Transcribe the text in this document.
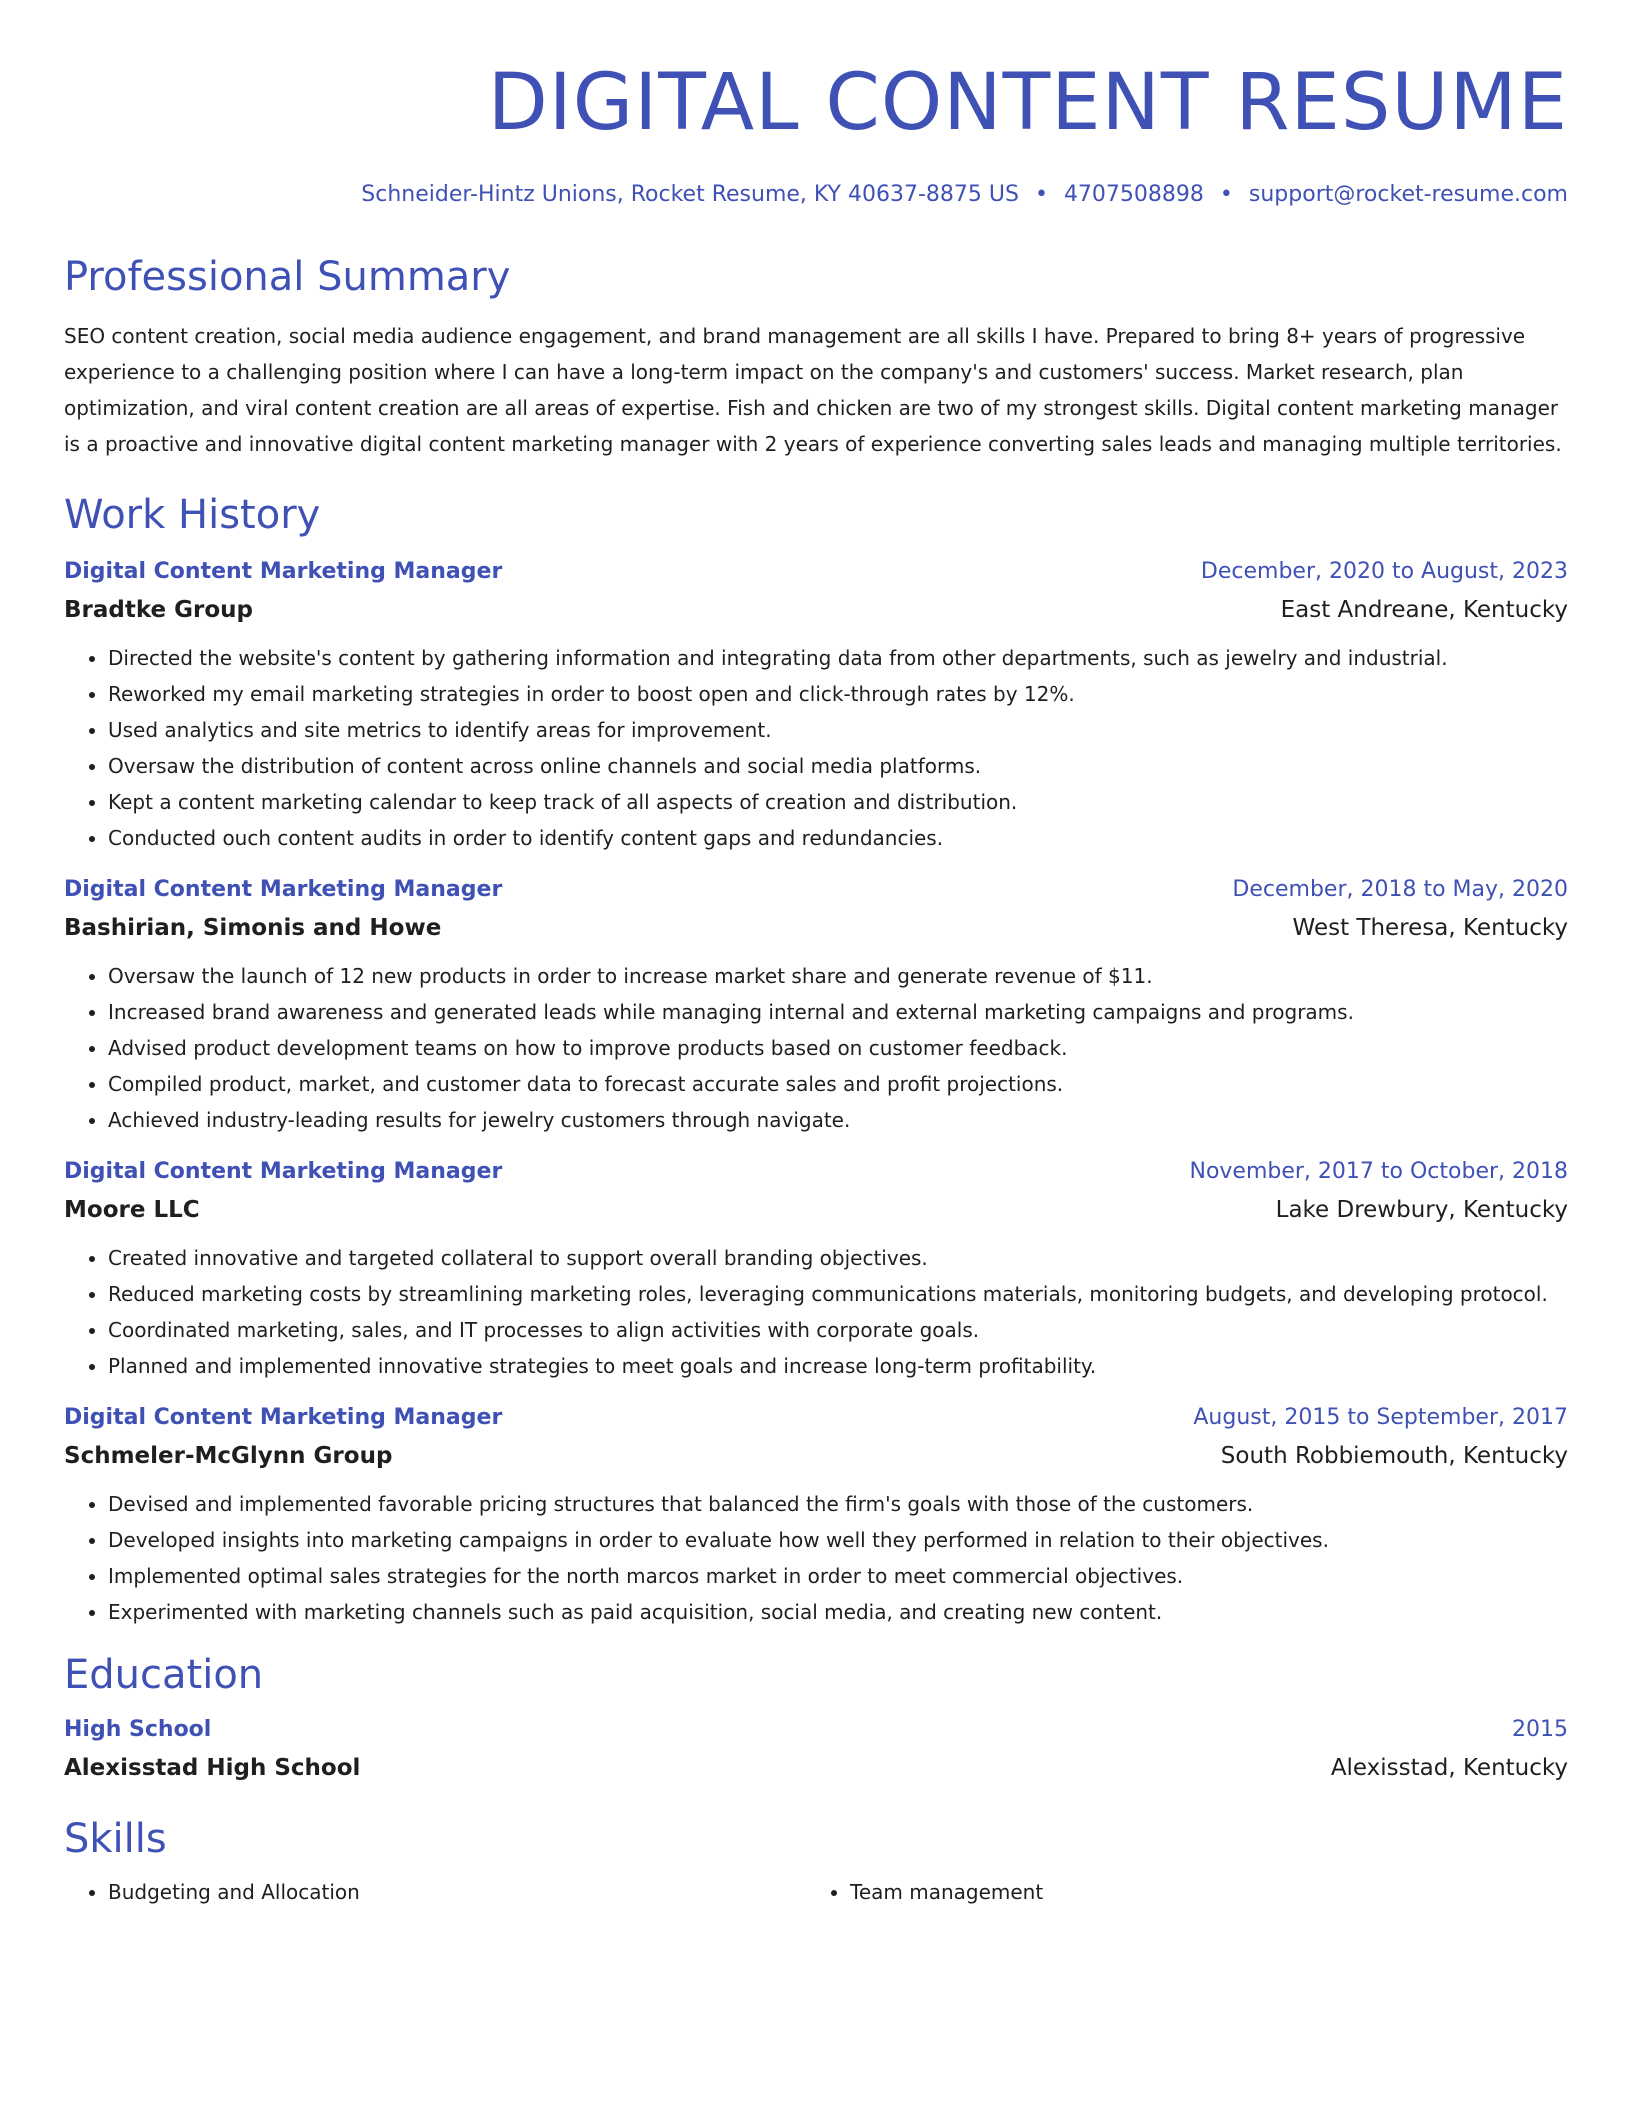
DIGITAL CONTENT RESUME
Schneider-Hintz Unions, Rocket Resume, KY 40637-8875 US • 4707508898 • support@rocket-resume.com
Professional Summary

SEO content creation, social media audience engagement, and brand management are all skills I have. Prepared to bring 8+ years of progressive experience to a challenging position where I can have a long-term impact on the company's and customers' success. Market research, plan optimization, and viral content creation are all areas of expertise. Fish and chicken are two of my strongest skills. Digital content marketing manager is a proactive and innovative digital content marketing manager with 2 years of experience converting sales leads and managing multiple territories.

Work History
Digital Content Marketing Manager	December, 2020 to August, 2023
Bradtke Group	East Andreane, Kentucky
• Directed the website's content by gathering information and integrating data from other departments, such as jewelry and industrial.
• Reworked my email marketing strategies in order to boost open and click-through rates by 12%.
• Used analytics and site metrics to identify areas for improvement.
• Oversaw the distribution of content across online channels and social media platforms.
• Kept a content marketing calendar to keep track of all aspects of creation and distribution.
• Conducted ouch content audits in order to identify content gaps and redundancies.
Digital Content Marketing Manager	December, 2018 to May, 2020
Bashirian, Simonis and Howe	West Theresa, Kentucky
• Oversaw the launch of 12 new products in order to increase market share and generate revenue of $11.
• Increased brand awareness and generated leads while managing internal and external marketing campaigns and programs.
• Advised product development teams on how to improve products based on customer feedback.
• Compiled product, market, and customer data to forecast accurate sales and profit projections.
• Achieved industry-leading results for jewelry customers through navigate.
Digital Content Marketing Manager	November, 2017 to October, 2018
Moore LLC	Lake Drewbury, Kentucky
• Created innovative and targeted collateral to support overall branding objectives.
• Reduced marketing costs by streamlining marketing roles, leveraging communications materials, monitoring budgets, and developing protocol.
• Coordinated marketing, sales, and IT processes to align activities with corporate goals.
• Planned and implemented innovative strategies to meet goals and increase long-term profitability.
Digital Content Marketing Manager	August, 2015 to September, 2017
Schmeler-McGlynn Group	South Robbiemouth, Kentucky
• Devised and implemented favorable pricing structures that balanced the firm's goals with those of the customers.
• Developed insights into marketing campaigns in order to evaluate how well they performed in relation to their objectives.
• Implemented optimal sales strategies for the north marcos market in order to meet commercial objectives.
• Experimented with marketing channels such as paid acquisition, social media, and creating new content.
Education
High School	2015
Alexisstad High School	Alexisstad, Kentucky
Skills
• Budgeting and Allocation
•	Team management
